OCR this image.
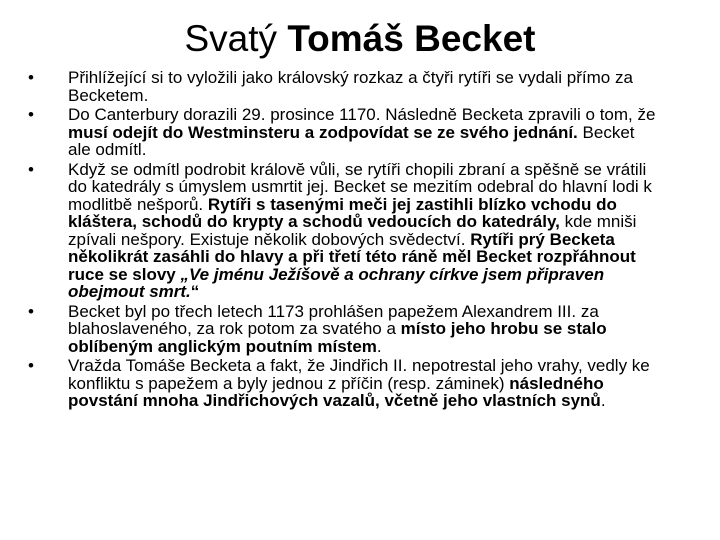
Svatý Tomáš Becket
• Přihlížející si to vyložili jako královský rozkaz a čtyři rytíři se vydali přímo za Becketem.
• Do Canterbury dorazili 29. prosince 1170. Následně Becketa zpravili o tom, že musí odejít do Westminsteru a zodpovídat se ze svého jednání. Becket ale odmítl.
• Když se odmítl podrobit královĕ vůli, se rytíři chopili zbraní a spěšně se vrátili do katedrály s úmyslem usmrtit jej. Becket se mezitím odebral do hlavní lodi k modlitbě nešporů. Rytíři s tasenými meči jej zastihli blízko vchodu do kláštera, schodů do krypty a schodů vedoucích do katedrály, kde mniši zpívali nešpory. Existuje několik dobových svědectví. Rytíři prý Becketa několikrát zasáhli do hlavy a při třetí této ráně měl Becket rozpřáhnout ruce se slovy „Ve jménu Ježíšově a ochrany církve jsem připraven obejmout smrt.“
• Becket byl po třech letech 1173 prohlášen papežem Alexandrem III. za blahoslaveného, za rok potom za svatého a místo jeho hrobu se stalo oblíbeným anglickým poutním místem.
• Vražda Tomáše Becketa a fakt, že Jindřich II. nepotrestal jeho vrahy, vedly ke konfliktu s papežem a byly jednou z příčin (resp. záminek) následného povstání mnoha Jindřichových vazalů, včetně jeho vlastních synů.
